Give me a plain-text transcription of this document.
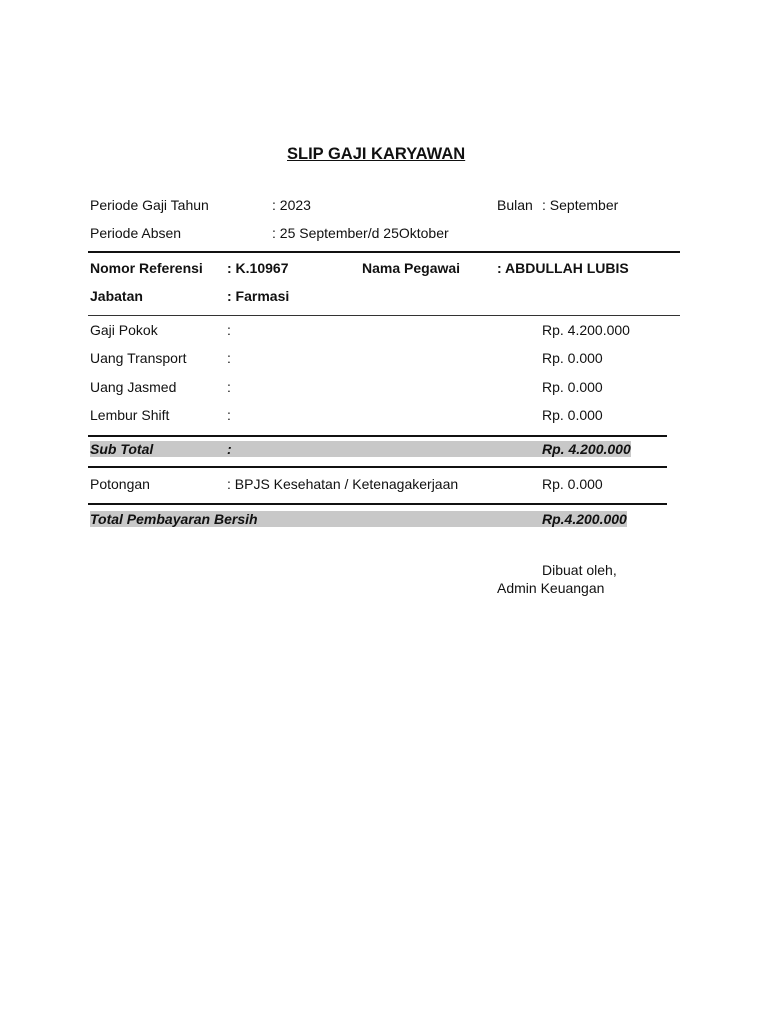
SLIP GAJI KARYAWAN
Periode Gaji Tahun	: 2023	Bulan : September
Periode Absen	: 25 September/d 25Oktober
Nomor Referensi : K.10967	Nama Pegawai	: ABDULLAH LUBIS
Jabatan	: Farmasi
Gaji Pokok	:	Rp. 4.200.000
Uang Transport	:	Rp. 0.000
Uang Jasmed	:	Rp. 0.000
Lembur Shift	:	Rp. 0.000
Sub Total	:	Rp. 4.200.000
Potongan	: BPJS Kesehatan / Ketenagakerjaan	Rp. 0.000
Total Pembayaran Bersih	Rp.4.200.000
Dibuat oleh,
Admin Keuangan
